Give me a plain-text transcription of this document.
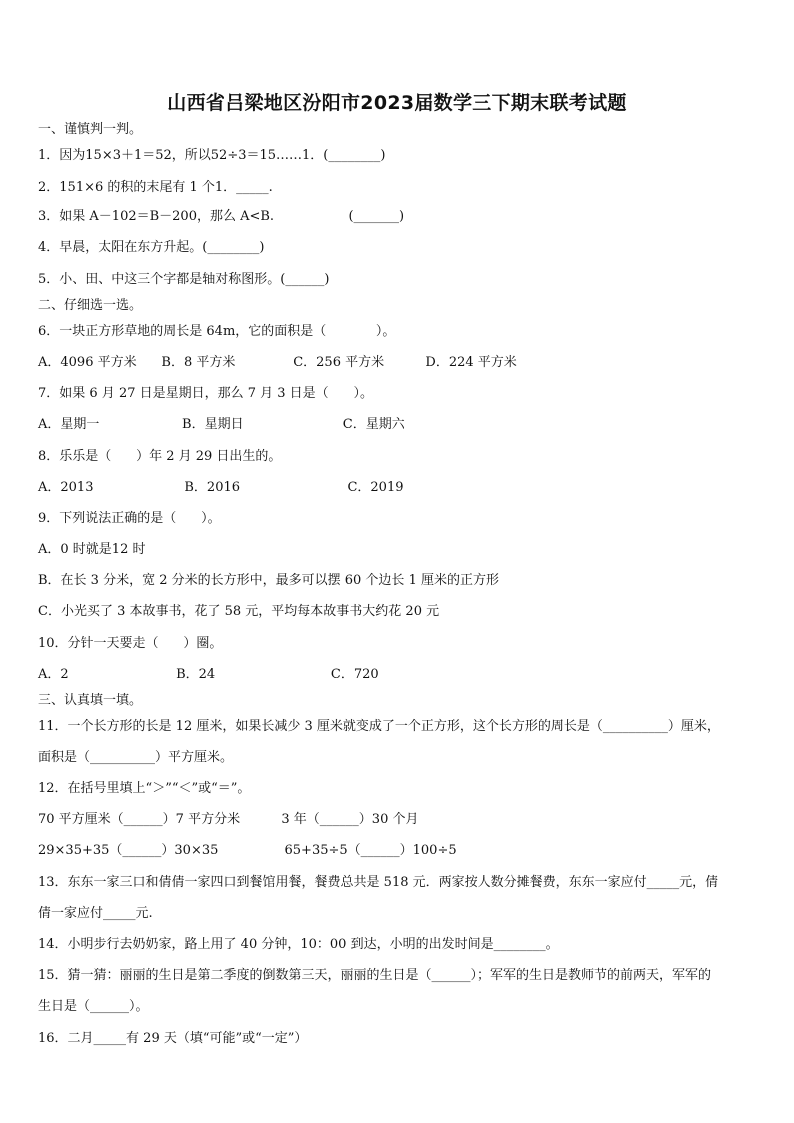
山西省吕梁地区汾阳市2023届数学三下期末联考试题
一、谨慎判一判。
1．因为15×3＋1＝52，所以52÷3＝15……1．(________)
2．151×6 的积的末尾有 1 个1．_____.
3．如果 A－102＝B－200，那么 A<B.                  (_______)
4．早晨，太阳在东方升起。(________)
5．小、田、中这三个字都是轴对称图形。(______)
二、仔细选一选。
6．一块正方形草地的周长是 64m，它的面积是（            ）。
A．4096 平方米      B．8 平方米              C．256 平方米          D．224 平方米
7．如果 6 月 27 日是星期日，那么 7 月 3 日是（      ）。
A．星期一                    B．星期日                        C．星期六
8．乐乐是（      ）年 2 月 29 日出生的。
A．2013                      B．2016                          C．2019
9．下列说法正确的是（      ）。
A．0 时就是12 时
B．在长 3 分米，宽 2 分米的长方形中，最多可以摆 60 个边长 1 厘米的正方形
C．小光买了 3 本故事书，花了 58 元，平均每本故事书大约花 20 元
10．分针一天要走（      ）圈。
A．2                          B．24                            C．720
三、认真填一填。
11．一个长方形的长是 12 厘米，如果长减少 3 厘米就变成了一个正方形，这个长方形的周长是（__________）厘米，
面积是（__________）平方厘米。
12．在括号里填上“＞”“＜”或“＝”。
70 平方厘米（______）7 平方分米          3 年（______）30 个月
29×35+35（______）30×35                65+35÷5（______）100÷5
13．东东一家三口和倩倩一家四口到餐馆用餐，餐费总共是 518 元．两家按人数分摊餐费，东东一家应付_____元，倩
倩一家应付_____元.
14．小明步行去奶奶家，路上用了 40 分钟，10：00 到达，小明的出发时间是________。
15．猜一猜：丽丽的生日是第二季度的倒数第三天，丽丽的生日是（______）；军军的生日是教师节的前两天，军军的
生日是（______）。
16．二月_____有 29 天（填“可能”或“一定”）
